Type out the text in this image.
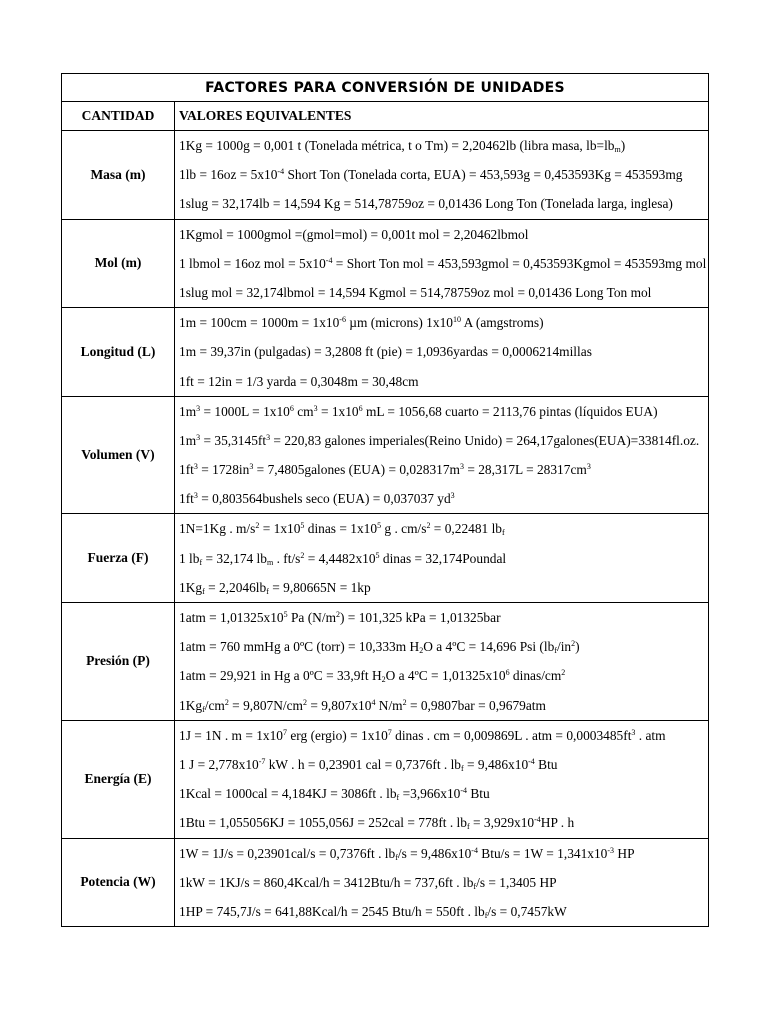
FACTORES PARA CONVERSIÓN DE UNIDADES	
CANTIDAD	VALORES EQUIVALENTES
Masa (m)	1Kg = 1000g = 0,001 t (Tonelada métrica, t o Tm) = 2,20462lb (libra masa, $lb=lb_m$)
$1lb = 16oz = 5x10^{-4}$ Short Ton (Tonelada corta, EUA) = 453,593g = 0,453593Kg = 453593mg
1slug = 32,174lb = 14,594 Kg = 514,78759oz = 0,01436 Long Ton (Tonelada larga, inglesa)

Mol (m)	1Kgmol = 1000gmol =(gmol=mol) = 0,001t mol = 2,20462lbmol
1 lbmol = 16oz mol = $5x10^{-4}$ = Short Ton mol = 453,593gmol = 0,453593Kgmol = 453593mg mol
1slug mol = 32,174lbmol = 14,594 Kgmol = 514,78759oz mol = 0,01436 Long Ton mol

Longitud (L)	$1m = 100cm = 1000m = 1x10^{-6}$ µm (microns) $1x10^{10}$ A (amgstroms)
1m = 39,37in (pulgadas) = 3,2808 ft (pie) = 1,0936yardas = 0,0006214millas
1ft = 12in = 1/3 yarda = 0,3048m = 30,48cm

Volumen (V)	$1m^3 = 1000L = 1x10^6$ $cm^3 = 1x10^6$ mL = 1056,68 cuarto = 2113,76 pintas (líquidos EUA)
$1m^3 = 35,3145ft^3 = 220,83$ galones imperiales(Reino Unido) = 264,17galones(EUA)=33814fl.oz.
$1ft^3 = 1728in^3$ = 7,4805galones $(EUA) = 0,028317m^3 = 28,317L = 28317cm^3$
$1ft^3$ = 0,803564bushels seco (EUA) = 0,037037 $yd^3$

Fuerza (F)	1N=1Kg . $m/s^2 = 1x10^5$ dinas = $1x10^5$ g . $cm/s^2 = 0,22481$ $lb_f$
1 $lb_f = 32,174$ $lb_m$ . $ft/s^2 = 4,4482x10^5$ dinas = 32,174Poundal
$1Kg_f = 2,2046lb_f = 9,80665N = 1kp$

Presión (P)	$1atm = 1,01325x10^5$ Pa $(N/m^2) = 101,325$ kPa = 1,01325bar
1atm = 760 mmHg a 0ºC (torr) = 10,333m $H_2O$ a 4ºC = 14,696 Psi $(lb_f/in^2)$
1atm = 29,921 in Hg a 0ºC = 33,9ft $H_2O$ a 4ºC = $1,01325x10^6$ dinas/$cm^2$
$1Kg_f/cm^2 = 9,807N/cm^2 = 9,807x10^4$ $N/m^2 = 0,9807bar = 0,9679atm$

Energía (E)	1J = 1N . $m = 1x10^7$ erg (ergio) = $1x10^7$ dinas . cm = 0,009869L . atm = $0,0003485ft^3$ . atm
1 $J = 2,778x10^{-7}$ kW . h = 0,23901 cal = 0,7376ft . $lb_f = 9,486x10^{-4}$ Btu
1Kcal = 1000cal = 4,184KJ = 3086ft . $lb_f =3,966x10^{-4}$ Btu
1Btu = 1,055056KJ = 1055,056J = 252cal = 778ft . $lb_f = 3,929x10^{-4}HP$ . h

Potencia (W)	1W = 1J/s = 0,23901cal/s = 0,7376ft . $lb_f/s = 9,486x10^{-4}$ $Btu/s = 1W = 1,341x10^{-3}$ HP
1kW = 1KJ/s = 860,4Kcal/h = 3412Btu/h = 737,6ft . $lb_f/s = 1,3405$ HP
1HP = 745,7J/s = 641,88Kcal/h = 2545 Btu/h = 550ft . $lb_f/s = 0,7457kW$
